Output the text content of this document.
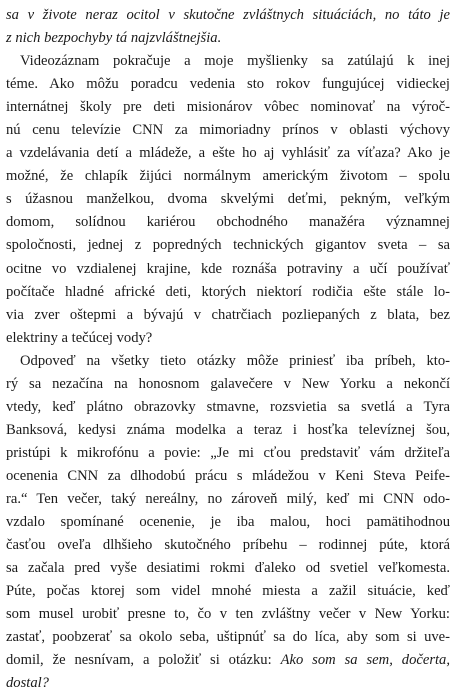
sa v živote neraz ocitol v skutočne zvláštnych situáciách, no táto je
z nich bezpochyby tá najzvláštnejšia.
Videozáznam pokračuje a moje myšlienky sa zatúlajú k inej
téme. Ako môžu poradcu vedenia sto rokov fungujúcej vidieckej
internátnej školy pre deti misionárov vôbec nominovať na výroč-
nú cenu televízie CNN za mimoriadny prínos v oblasti výchovy
a vzdelávania detí a mládeže, a ešte ho aj vyhlásiť za víťaza? Ako je
možné, že chlapík žijúci normálnym americkým životom – spolu
s úžasnou manželkou, dvoma skvelými deťmi, pekným, veľkým
domom, solídnou kariérou obchodného manažéra významnej
spoločnosti, jednej z popredných technických gigantov sveta – sa
ocitne vo vzdialenej krajine, kde roznáša potraviny a učí používať
počítače hladné africké deti, ktorých niektorí rodičia ešte stále lo-
via zver oštepmi a bývajú v chatrčiach pozliepaných z blata, bez
elektriny a tečúcej vody?
Odpoveď na všetky tieto otázky môže priniesť iba príbeh, kto-
rý sa nezačína na honosnom galavečere v New Yorku a nekončí
vtedy, keď plátno obrazovky stmavne, rozsvietia sa svetlá a Tyra
Banksová, kedysi známa modelka a teraz i hosťka televíznej šou,
pristúpi k mikrofónu a povie: „Je mi cťou predstaviť vám držiteľa
ocenenia CNN za dlhodobú prácu s mládežou v Keni Steva Peife-
ra.“ Ten večer, taký nereálny, no zároveň milý, keď mi CNN odo-
vzdalo spomínané ocenenie, je iba malou, hoci pamätihodnou
časťou oveľa dlhšieho skutočného príbehu – rodinnej púte, ktorá
sa začala pred vyše desiatimi rokmi ďaleko od svetiel veľkomesta.
Púte, počas ktorej som videl mnohé miesta a zažil situácie, keď
som musel urobiť presne to, čo v ten zvláštny večer v New Yorku:
zastať, poobzerať sa okolo seba, uštipnúť sa do líca, aby som si uve-
domil, že nesnívam, a položiť si otázku: Ako som sa sem, dočerta,
dostal?
